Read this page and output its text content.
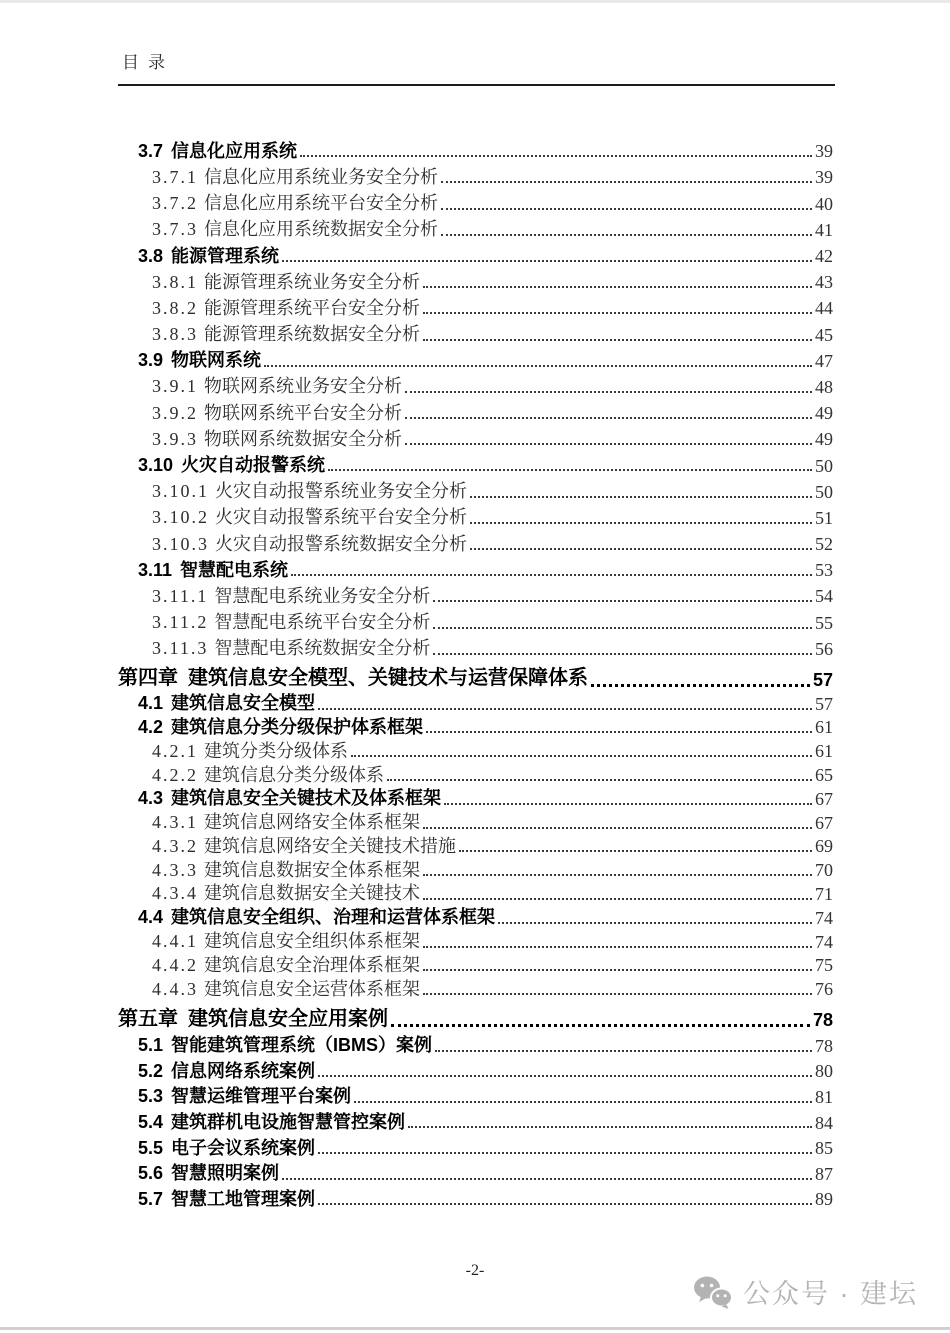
目录
3.7 信息化应用系统	39
3.7.1 信息化应用系统业务安全分析	39
3.7.2 信息化应用系统平台安全分析	40
3.7.3 信息化应用系统数据安全分析	41
3.8 能源管理系统	42
3.8.1 能源管理系统业务安全分析	43
3.8.2 能源管理系统平台安全分析	44
3.8.3 能源管理系统数据安全分析	45
3.9 物联网系统	47
3.9.1 物联网系统业务安全分析	48
3.9.2 物联网系统平台安全分析	49
3.9.3 物联网系统数据安全分析	49
3.10 火灾自动报警系统	50
3.10.1 火灾自动报警系统业务安全分析	50
3.10.2 火灾自动报警系统平台安全分析	51
3.10.3 火灾自动报警系统数据安全分析	52
3.11 智慧配电系统	53
3.11.1 智慧配电系统业务安全分析	54
3.11.2 智慧配电系统平台安全分析	55
3.11.3 智慧配电系统数据安全分析	56
第四章 建筑信息安全模型、关键技术与运营保障体系	57
4.1 建筑信息安全模型	57
4.2 建筑信息分类分级保护体系框架	61
4.2.1 建筑分类分级体系	61
4.2.2 建筑信息分类分级体系	65
4.3 建筑信息安全关键技术及体系框架	67
4.3.1 建筑信息网络安全体系框架	67
4.3.2 建筑信息网络安全关键技术措施	69
4.3.3 建筑信息数据安全体系框架	70
4.3.4 建筑信息数据安全关键技术	71
4.4 建筑信息安全组织、治理和运营体系框架	74
4.4.1 建筑信息安全组织体系框架	74
4.4.2 建筑信息安全治理体系框架	75
4.4.3 建筑信息安全运营体系框架	76
第五章 建筑信息安全应用案例	78
5.1 智能建筑管理系统（IBMS）案例	78
5.2 信息网络系统案例	80
5.3 智慧运维管理平台案例	81
5.4 建筑群机电设施智慧管控案例	84
5.5 电子会议系统案例	85
5.6 智慧照明案例	87
5.7 智慧工地管理案例	89
-2-
公众号 · 建坛
